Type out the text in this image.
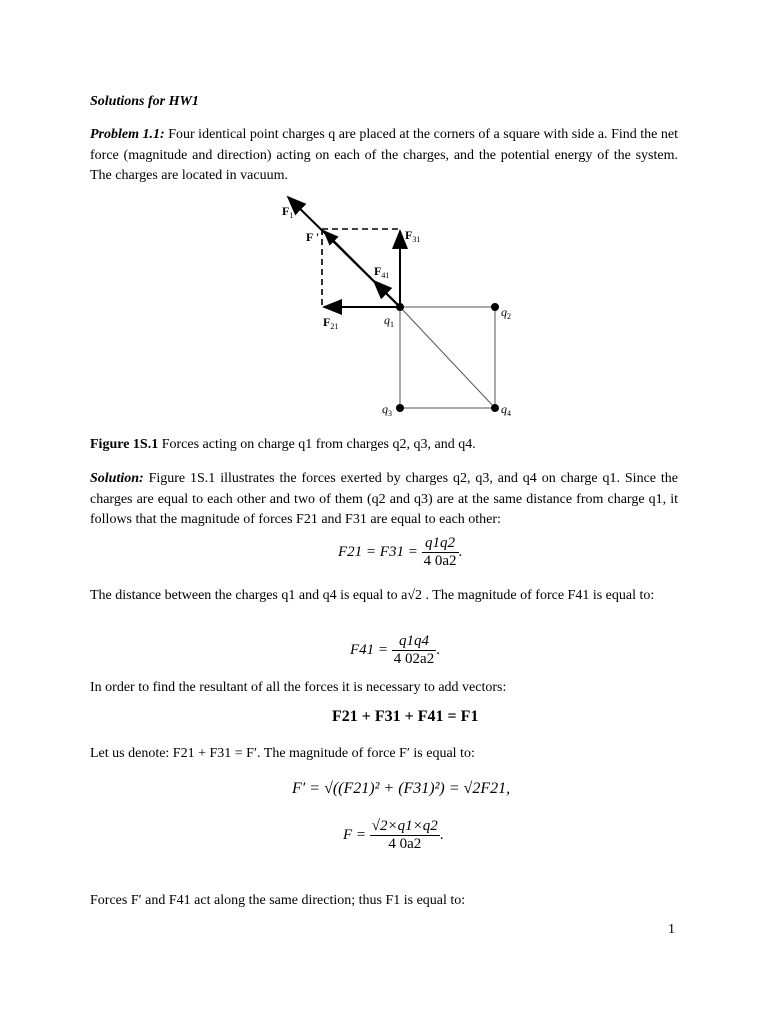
Solutions for HW1
Problem 1.1: Four identical point charges q are placed at the corners of a square with side a. Find the net force (magnitude and direction) acting on each of the charges, and the potential energy of the system. The charges are located in vacuum.
$F_1$
F '	$F_{31}$
$F_{41}$
$F_{21}$	$q_1$
$q_2$
$q_3$	$q_4$
Figure 1S.1 Forces acting on charge q1 from charges q2, q3, and q4.
Solution: Figure 1S.1 illustrates the forces exerted by charges q2, q3, and q4 on charge q1. Since the charges are equal to each other and two of them (q2 and q3) are at the same distance from charge q1, it follows that the magnitude of forces F21 and F31 are equal to each other:
$F21 = F31 = \frac{q1q2}{4 0a2}$ .
The distance between the charges q1 and q4 is equal to a√2 . The magnitude of force F41 is equal to:
$F41 = \frac{q1q4}{4 02a2}$ .
In order to find the resultant of all the forces it is necessary to add vectors:
F21 + F31 + F41 = F1
Let us denote: F21 + F31 = F′. The magnitude of force F′ is equal to:
F′ = √((F21)² + (F31)²) = √2F21,
$F = \frac{√2\times q1\times q2}{4 0a2}$ .
Forces F′ and F41 act along the same direction; thus F1 is equal to:
1
